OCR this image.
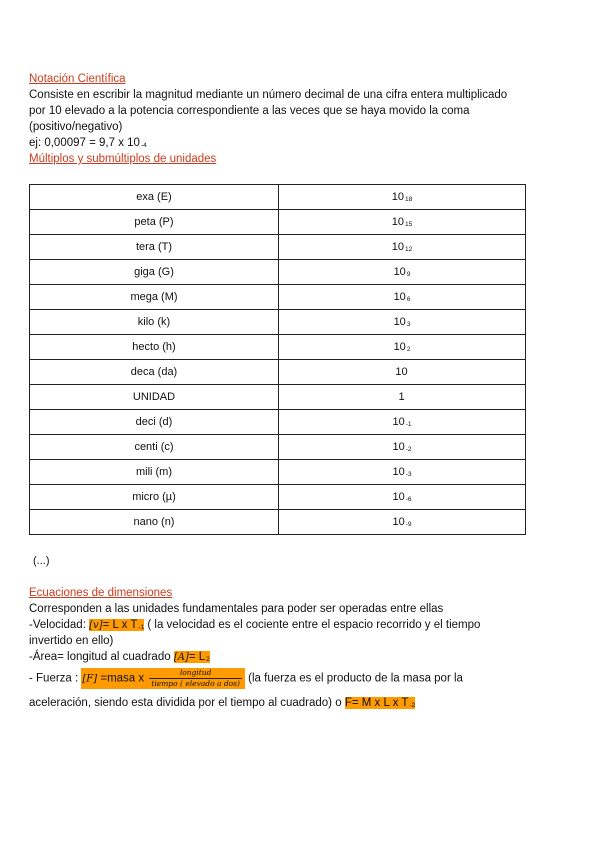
Notación Científica
Consiste en escribir la magnitud mediante un número decimal de una cifra entera multiplicado
por 10 elevado a la potencia correspondiente a las veces que se haya movido la coma
(positivo/negativo)
ej: 0,00097 = 9,7 x $10_{-4}$
Múltiplos y submúltiplos de unidades
exa (E)	$10_{18}$
peta (P)	$10_{15}$
tera (T)	$10_{12}$
giga (G)	$10_9$
mega (M)	$10_6$
kilo (k)	$10_3$
hecto (h)	$10_2$
deca (da)	10
UNIDAD	1
deci (d)	$10_{-1}$
centi (c)	$10_{-2}$
mili (m)	$10_{-3}$
micro (µ)	$10_{-6}$
nano (n)	$10_{-9}$
(...)
Ecuaciones de dimensiones
Corresponden a las unidades fundamentales para poder ser operadas entre ellas
-Velocidad: [v]= L x $T_{-1}$ ( la velocidad es el cociente entre el espacio recorrido y el tiempo
invertido en ello)
-Área= longitud al cuadrado $[A]= L_2$
- Fuerza : [F] =masa x $\frac{\text{longitud}}{\text{tiempo ( elevado a dos)}} (la$ fuerza es el producto de la masa por la
aceleración, siendo esta dividida por el tiempo al cuadrado) o F= M x L x $T_{-2}$
